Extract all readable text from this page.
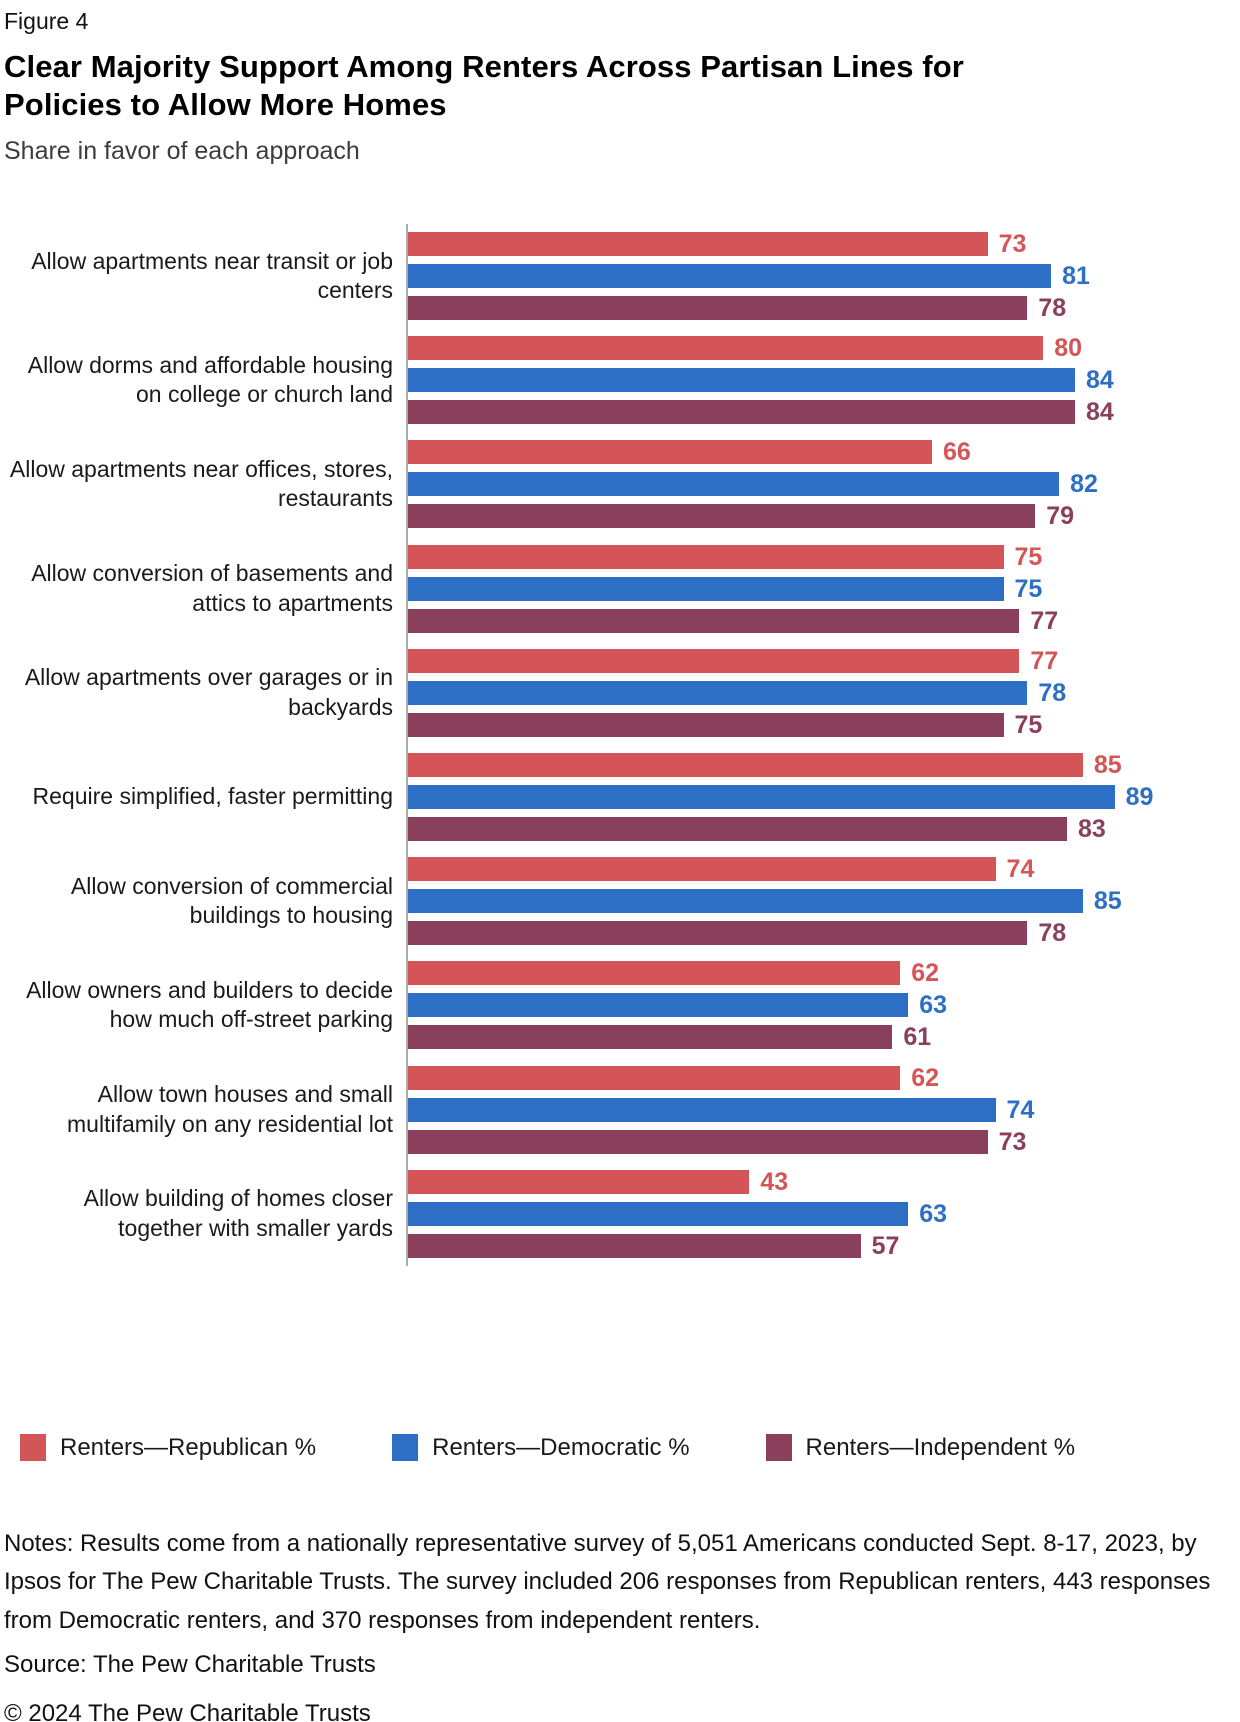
Figure 4
Clear Majority Support Among Renters Across Partisan Lines for Policies to Allow More Homes
Share in favor of each approach
Allow apartments near transit or job centers
73
81
78
Allow dorms and affordable housing on college or church land
80
84
84
Allow apartments near offices, stores, restaurants
66
82
79
Allow conversion of basements and attics to apartments
75
75
77
Allow apartments over garages or in backyards
77
78
75
Require simplified, faster permitting
85
89
83
Allow conversion of commercial buildings to housing
74
85
78
Allow owners and builders to decide how much off-street parking
62
63
61
Allow town houses and small multifamily on any residential lot
62
74
73
Allow building of homes closer together with smaller yards
43
63
57
Renters—Republican %	Renters—Democratic %	Renters—Independent %
Notes: Results come from a nationally representative survey of 5,051 Americans conducted Sept. 8-17, 2023, by Ipsos for The Pew Charitable Trusts. The survey included 206 responses from Republican renters, 443 responses from Democratic renters, and 370 responses from independent renters.
Source: The Pew Charitable Trusts
© 2024 The Pew Charitable Trusts
